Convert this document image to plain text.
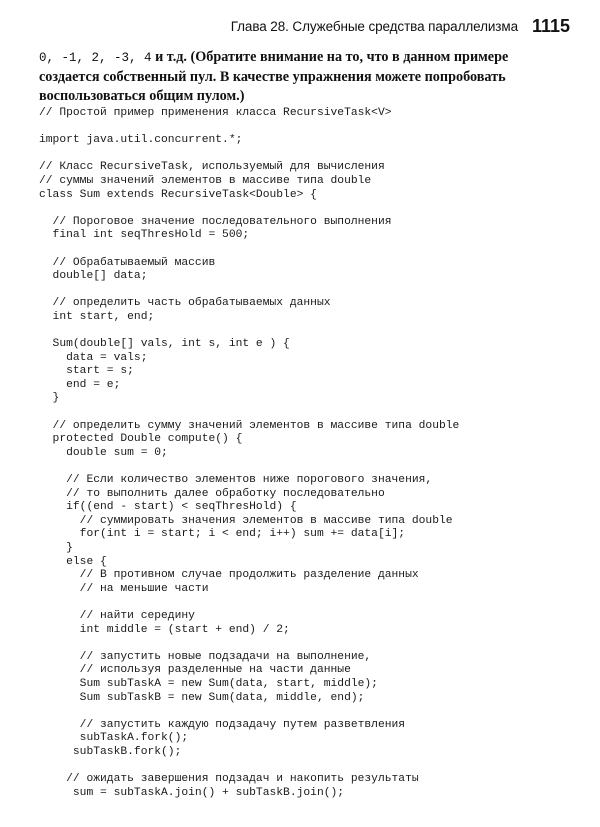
Глава 28. Служебные средства параллелизма 1115

0, -1, 2, -3, 4 и т.д. (Обратите внимание на то, что в данном примере создается собственный пул. В качестве упражнения можете попробовать воспользоваться общим пулом.)

// Простой пример применения класса RecursiveTask<V>
import java.util.concurrent.*;
// Класс RecursiveTask, используемый для вычисления
// суммы значений элементов в массиве типа double
class Sum extends RecursiveTask<Double> {
// Пороговое значение последовательного выполнения
final int seqThresHold = 500;
// Обрабатываемый массив
double[] data;
// определить часть обрабатываемых данных
int start, end;
Sum(double[] vals, int s, int e ) {
data = vals;
start = s;
end = e;
}
// определить сумму значений элементов в массиве типа double
protected Double compute() {
double sum = 0;
// Если количество элементов ниже порогового значения,
// то выполнить далее обработку последовательно
if((end - start) < seqThresHold) {
// суммировать значения элементов в массиве типа double
for(int i = start; i < end; i++) sum += data[i];
}
else {
// В противном случае продолжить разделение данных
// на меньшие части
// найти середину
int middle = (start + end) / 2;
// запустить новые подзадачи на выполнение,
// используя разделенные на части данные
Sum subTaskA = new Sum(data, start, middle);
Sum subTaskB = new Sum(data, middle, end);
// запустить каждую подзадачу путем разветвления
subTaskA.fork();
subTaskB.fork();
// ожидать завершения подзадач и накопить результаты
sum = subTaskA.join() + subTaskB.join();
